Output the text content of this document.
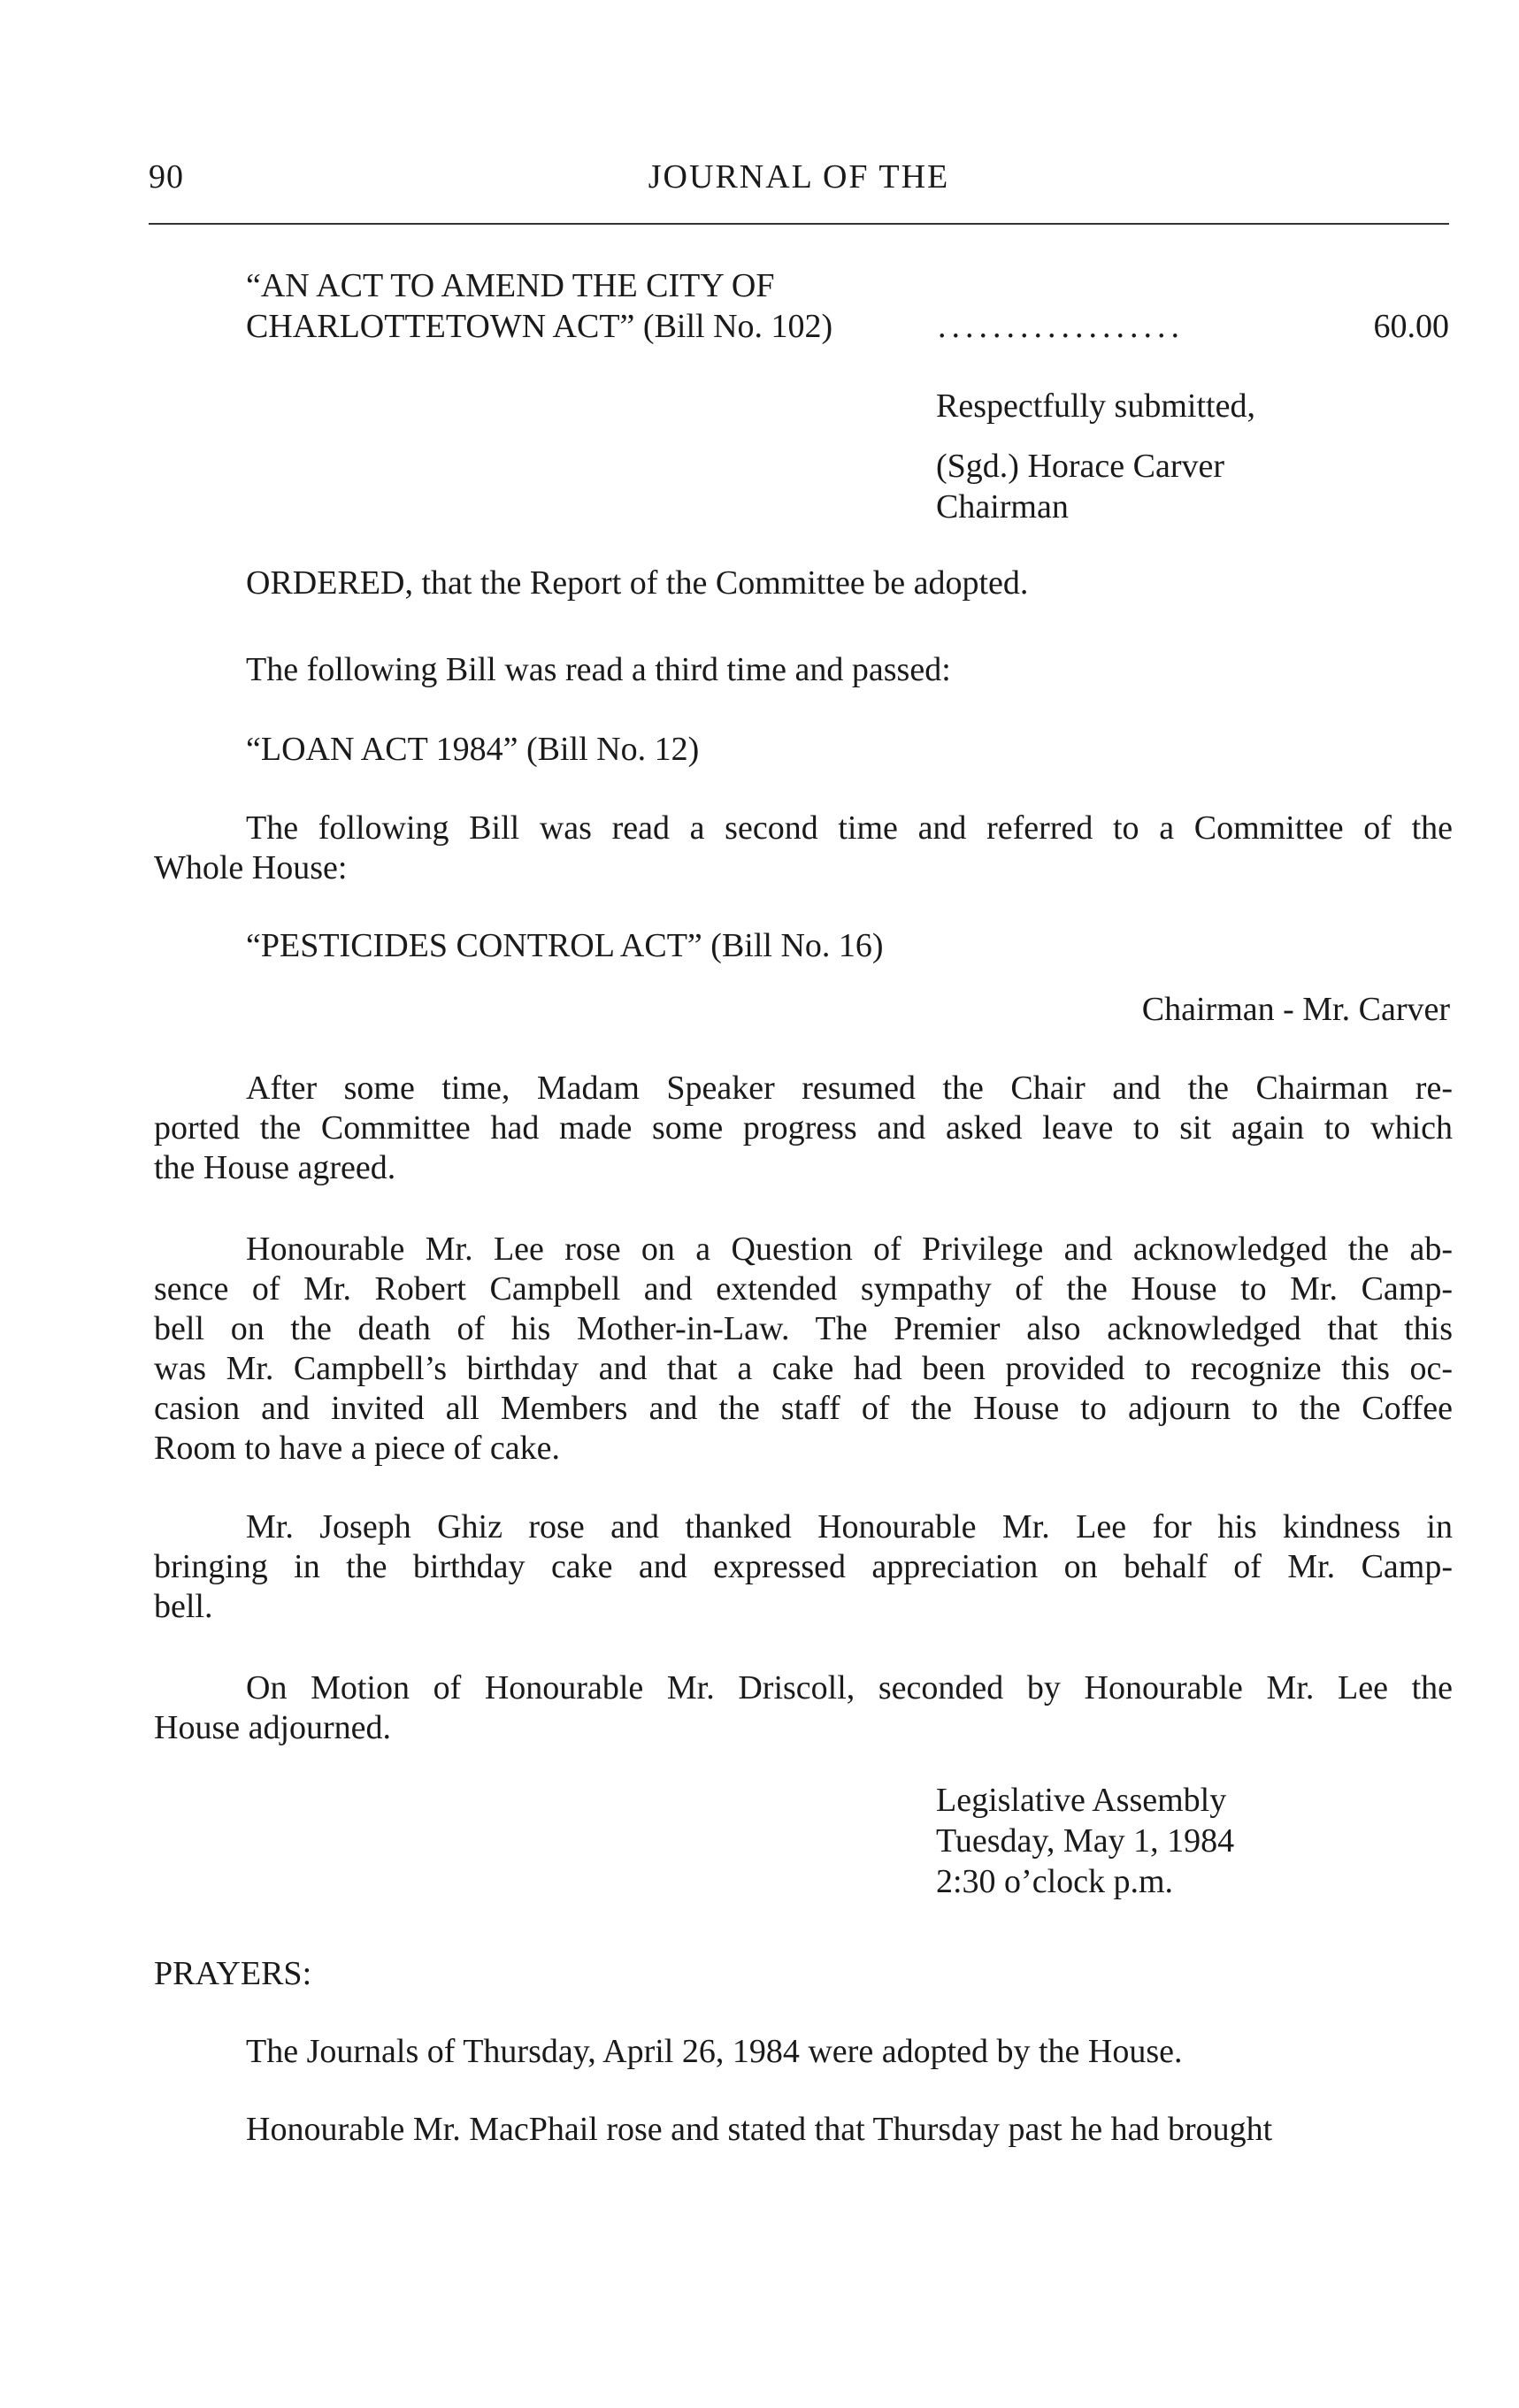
90	JOURNAL OF THE
“AN ACT TO AMEND THE CITY OF
CHARLOTTETOWN ACT” (Bill No. 102)	..................	60.00
Respectfully submitted,
(Sgd.) Horace Carver
Chairman
ORDERED, that the Report of the Committee be adopted.
The following Bill was read a third time and passed:
“LOAN ACT 1984” (Bill No. 12)
The following Bill was read a second time and referred to a Committee of the
Whole House:
“PESTICIDES CONTROL ACT” (Bill No. 16)
Chairman - Mr. Carver
After some time, Madam Speaker resumed the Chair and the Chairman re-
ported the Committee had made some progress and asked leave to sit again to which
the House agreed.
Honourable Mr. Lee rose on a Question of Privilege and acknowledged the ab-
sence of Mr. Robert Campbell and extended sympathy of the House to Mr. Camp-
bell on the death of his Mother-in-Law. The Premier also acknowledged that this
was Mr. Campbell’s birthday and that a cake had been provided to recognize this oc-
casion and invited all Members and the staff of the House to adjourn to the Coffee
Room to have a piece of cake.
Mr. Joseph Ghiz rose and thanked Honourable Mr. Lee for his kindness in
bringing in the birthday cake and expressed appreciation on behalf of Mr. Camp-
bell.
On Motion of Honourable Mr. Driscoll, seconded by Honourable Mr. Lee the
House adjourned.
Legislative Assembly
Tuesday, May 1, 1984
2:30 o’clock p.m.
PRAYERS:
The Journals of Thursday, April 26, 1984 were adopted by the House.
Honourable Mr. MacPhail rose and stated that Thursday past he had brought
